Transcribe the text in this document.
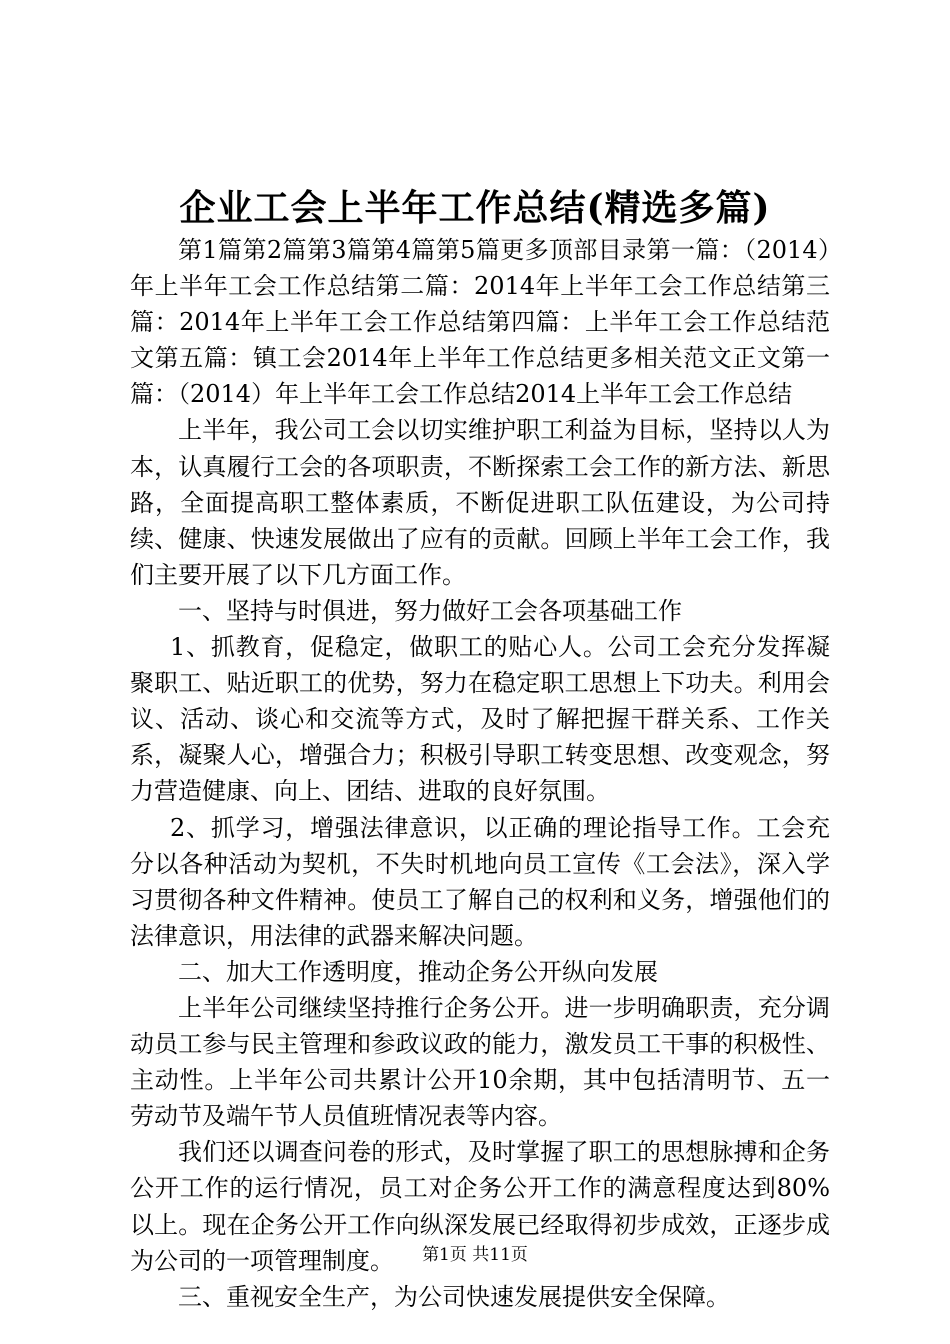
企业工会上半年工作总结(精选多篇)

第1篇第2篇第3篇第4篇第5篇更多顶部目录第一篇：（2014）年上半年工会工作总结第二篇：2014年上半年工会工作总结第三篇：2014年上半年工会工作总结第四篇：上半年工会工作总结范文第五篇：镇工会2014年上半年工作总结更多相关范文正文第一篇：（2014）年上半年工会工作总结2014上半年工会工作总结

上半年，我公司工会以切实维护职工利益为目标，坚持以人为本，认真履行工会的各项职责，不断探索工会工作的新方法、新思路，全面提高职工整体素质，不断促进职工队伍建设，为公司持续、健康、快速发展做出了应有的贡献。回顾上半年工会工作，我们主要开展了以下几方面工作。

一、坚持与时俱进，努力做好工会各项基础工作

1、抓教育，促稳定，做职工的贴心人。公司工会充分发挥凝聚职工、贴近职工的优势，努力在稳定职工思想上下功夫。利用会议、活动、谈心和交流等方式，及时了解把握干群关系、工作关系，凝聚人心，增强合力；积极引导职工转变思想、改变观念，努力营造健康、向上、团结、进取的良好氛围。

2、抓学习，增强法律意识，以正确的理论指导工作。工会充分以各种活动为契机，不失时机地向员工宣传《工会法》，深入学习贯彻各种文件精神。使员工了解自己的权利和义务，增强他们的法律意识，用法律的武器来解决问题。

二、加大工作透明度，推动企务公开纵向发展

上半年公司继续坚持推行企务公开。进一步明确职责，充分调动员工参与民主管理和参政议政的能力，激发员工干事的积极性、主动性。上半年公司共累计公开10余期，其中包括清明节、五一劳动节及端午节人员值班情况表等内容。

我们还以调查问卷的形式，及时掌握了职工的思想脉搏和企务公开工作的运行情况，员工对企务公开工作的满意程度达到80%以上。现在企务公开工作向纵深发展已经取得初步成效，正逐步成为公司的一项管理制度。

三、重视安全生产，为公司快速发展提供安全保障。

第1页 共11页
